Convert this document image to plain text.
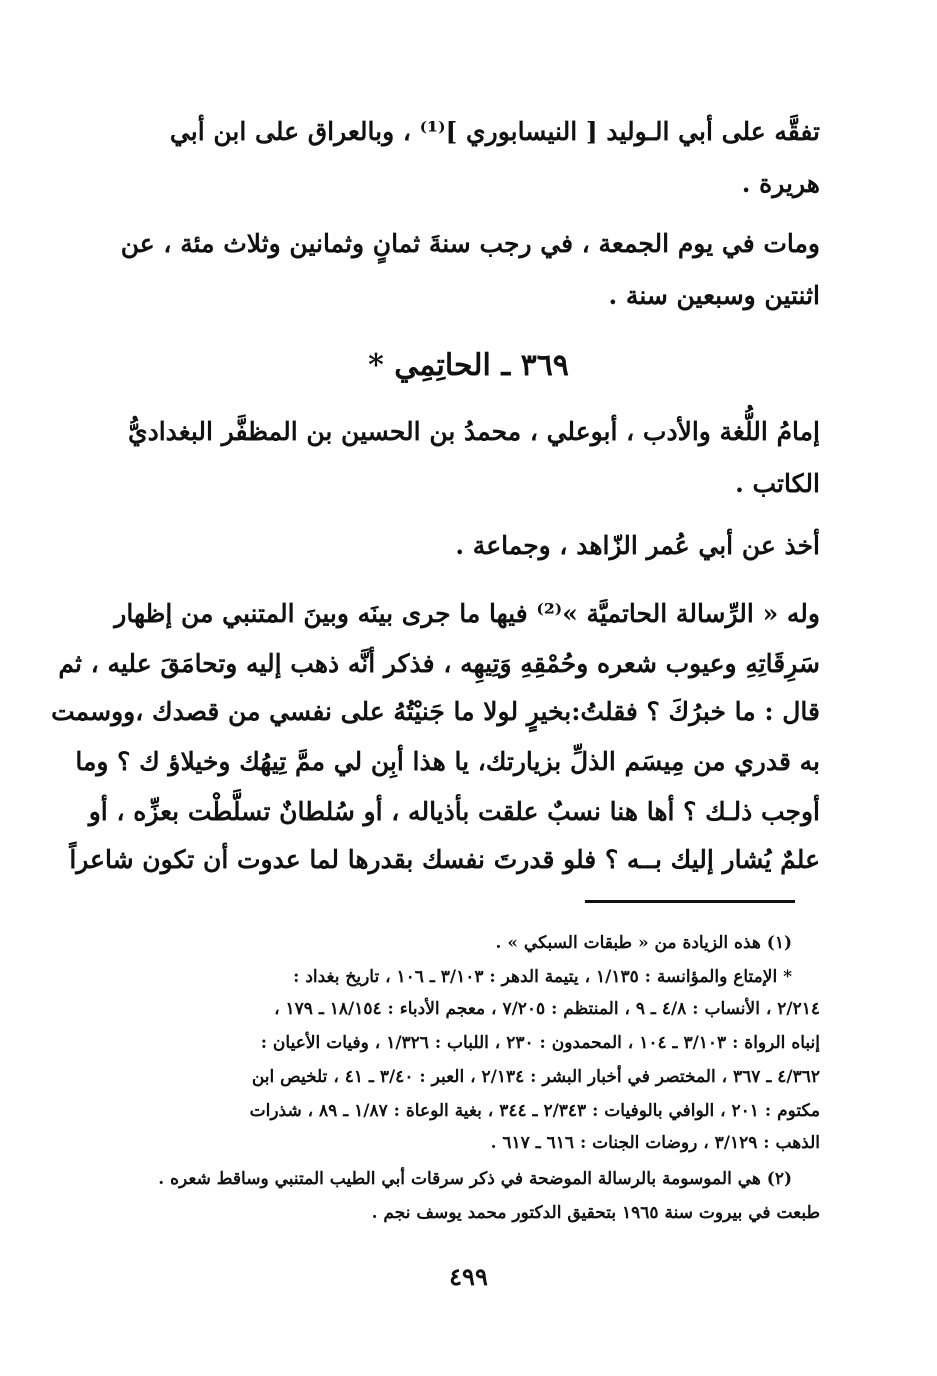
تفقَّه على أبي الـوليد [ النيسابوري ]⁽¹⁾ ، وبالعراق على ابن أبي
هريرة .
ومات في يوم الجمعة ، في رجب سنةَ ثمانٍ وثمانين وثلاث مئة ، عن
اثنتين وسبعين سنة .
٣٦٩ ـ الحاتِمِي *
إمامُ اللُّغة والأدب ، أبوعلي ، محمدُ بن الحسين بن المظفَّر البغداديُّ
الكاتب .
أخذ عن أبي عُمر الزّاهد ، وجماعة .
وله « الرِّسالة الحاتميَّة »⁽²⁾ فيها ما جرى بينَه وبينَ المتنبي من إظهار
سَرِقَاتِهِ وعيوب شعره وحُمْقِهِ وَتِيهِه ، فذكر أنَّه ذهب إليه وتحامَقَ عليه ، ثم
قال : ما خبرُكَ ؟ فقلتُ:بخيرٍ لولا ما جَنيْتُهُ على نفسي من قصدك ،ووسمت
به قدري من مِيسَم الذلِّ بزيارتك، يا هذا أبِن لي ممَّ تِيهُك وخيلاؤ ك ؟ وما
أوجب ذلـك ؟ أها هنا نسبٌ علقت بأذياله ، أو سُلطانٌ تسلَّطْت بعزِّه ، أو
علمٌ يُشار إليك بــه ؟ فلو قدرتَ نفسك بقدرها لما عدوت أن تكون شاعراً
(١) هذه الزيادة من « طبقات السبكي » .
* الإمتاع والمؤانسة : ١/١٣٥ ، يتيمة الدهر : ٣/١٠٣ ـ ١٠٦ ، تاريخ بغداد :
٢/٢١٤ ، الأنساب : ٤/٨ ـ ٩ ، المنتظم : ٧/٢٠٥ ، معجم الأدباء : ١٨/١٥٤ ـ ١٧٩ ،
إنباه الرواة : ٣/١٠٣ ـ ١٠٤ ، المحمدون : ٢٣٠ ، اللباب : ١/٣٢٦ ، وفيات الأعيان :
٤/٣٦٢ ـ ٣٦٧ ، المختصر في أخبار البشر : ٢/١٣٤ ، العبر : ٣/٤٠ ـ ٤١ ، تلخيص ابن
مكتوم : ٢٠١ ، الوافي بالوفيات : ٢/٣٤٣ ـ ٣٤٤ ، بغية الوعاة : ١/٨٧ ـ ٨٩ ، شذرات
الذهب : ٣/١٢٩ ، روضات الجنات : ٦١٦ ـ ٦١٧ .
(٢) هي الموسومة بالرسالة الموضحة في ذكر سرقات أبي الطيب المتنبي وساقط شعره .
طبعت في بيروت سنة ١٩٦٥ بتحقيق الدكتور محمد يوسف نجم .
٤٩٩
